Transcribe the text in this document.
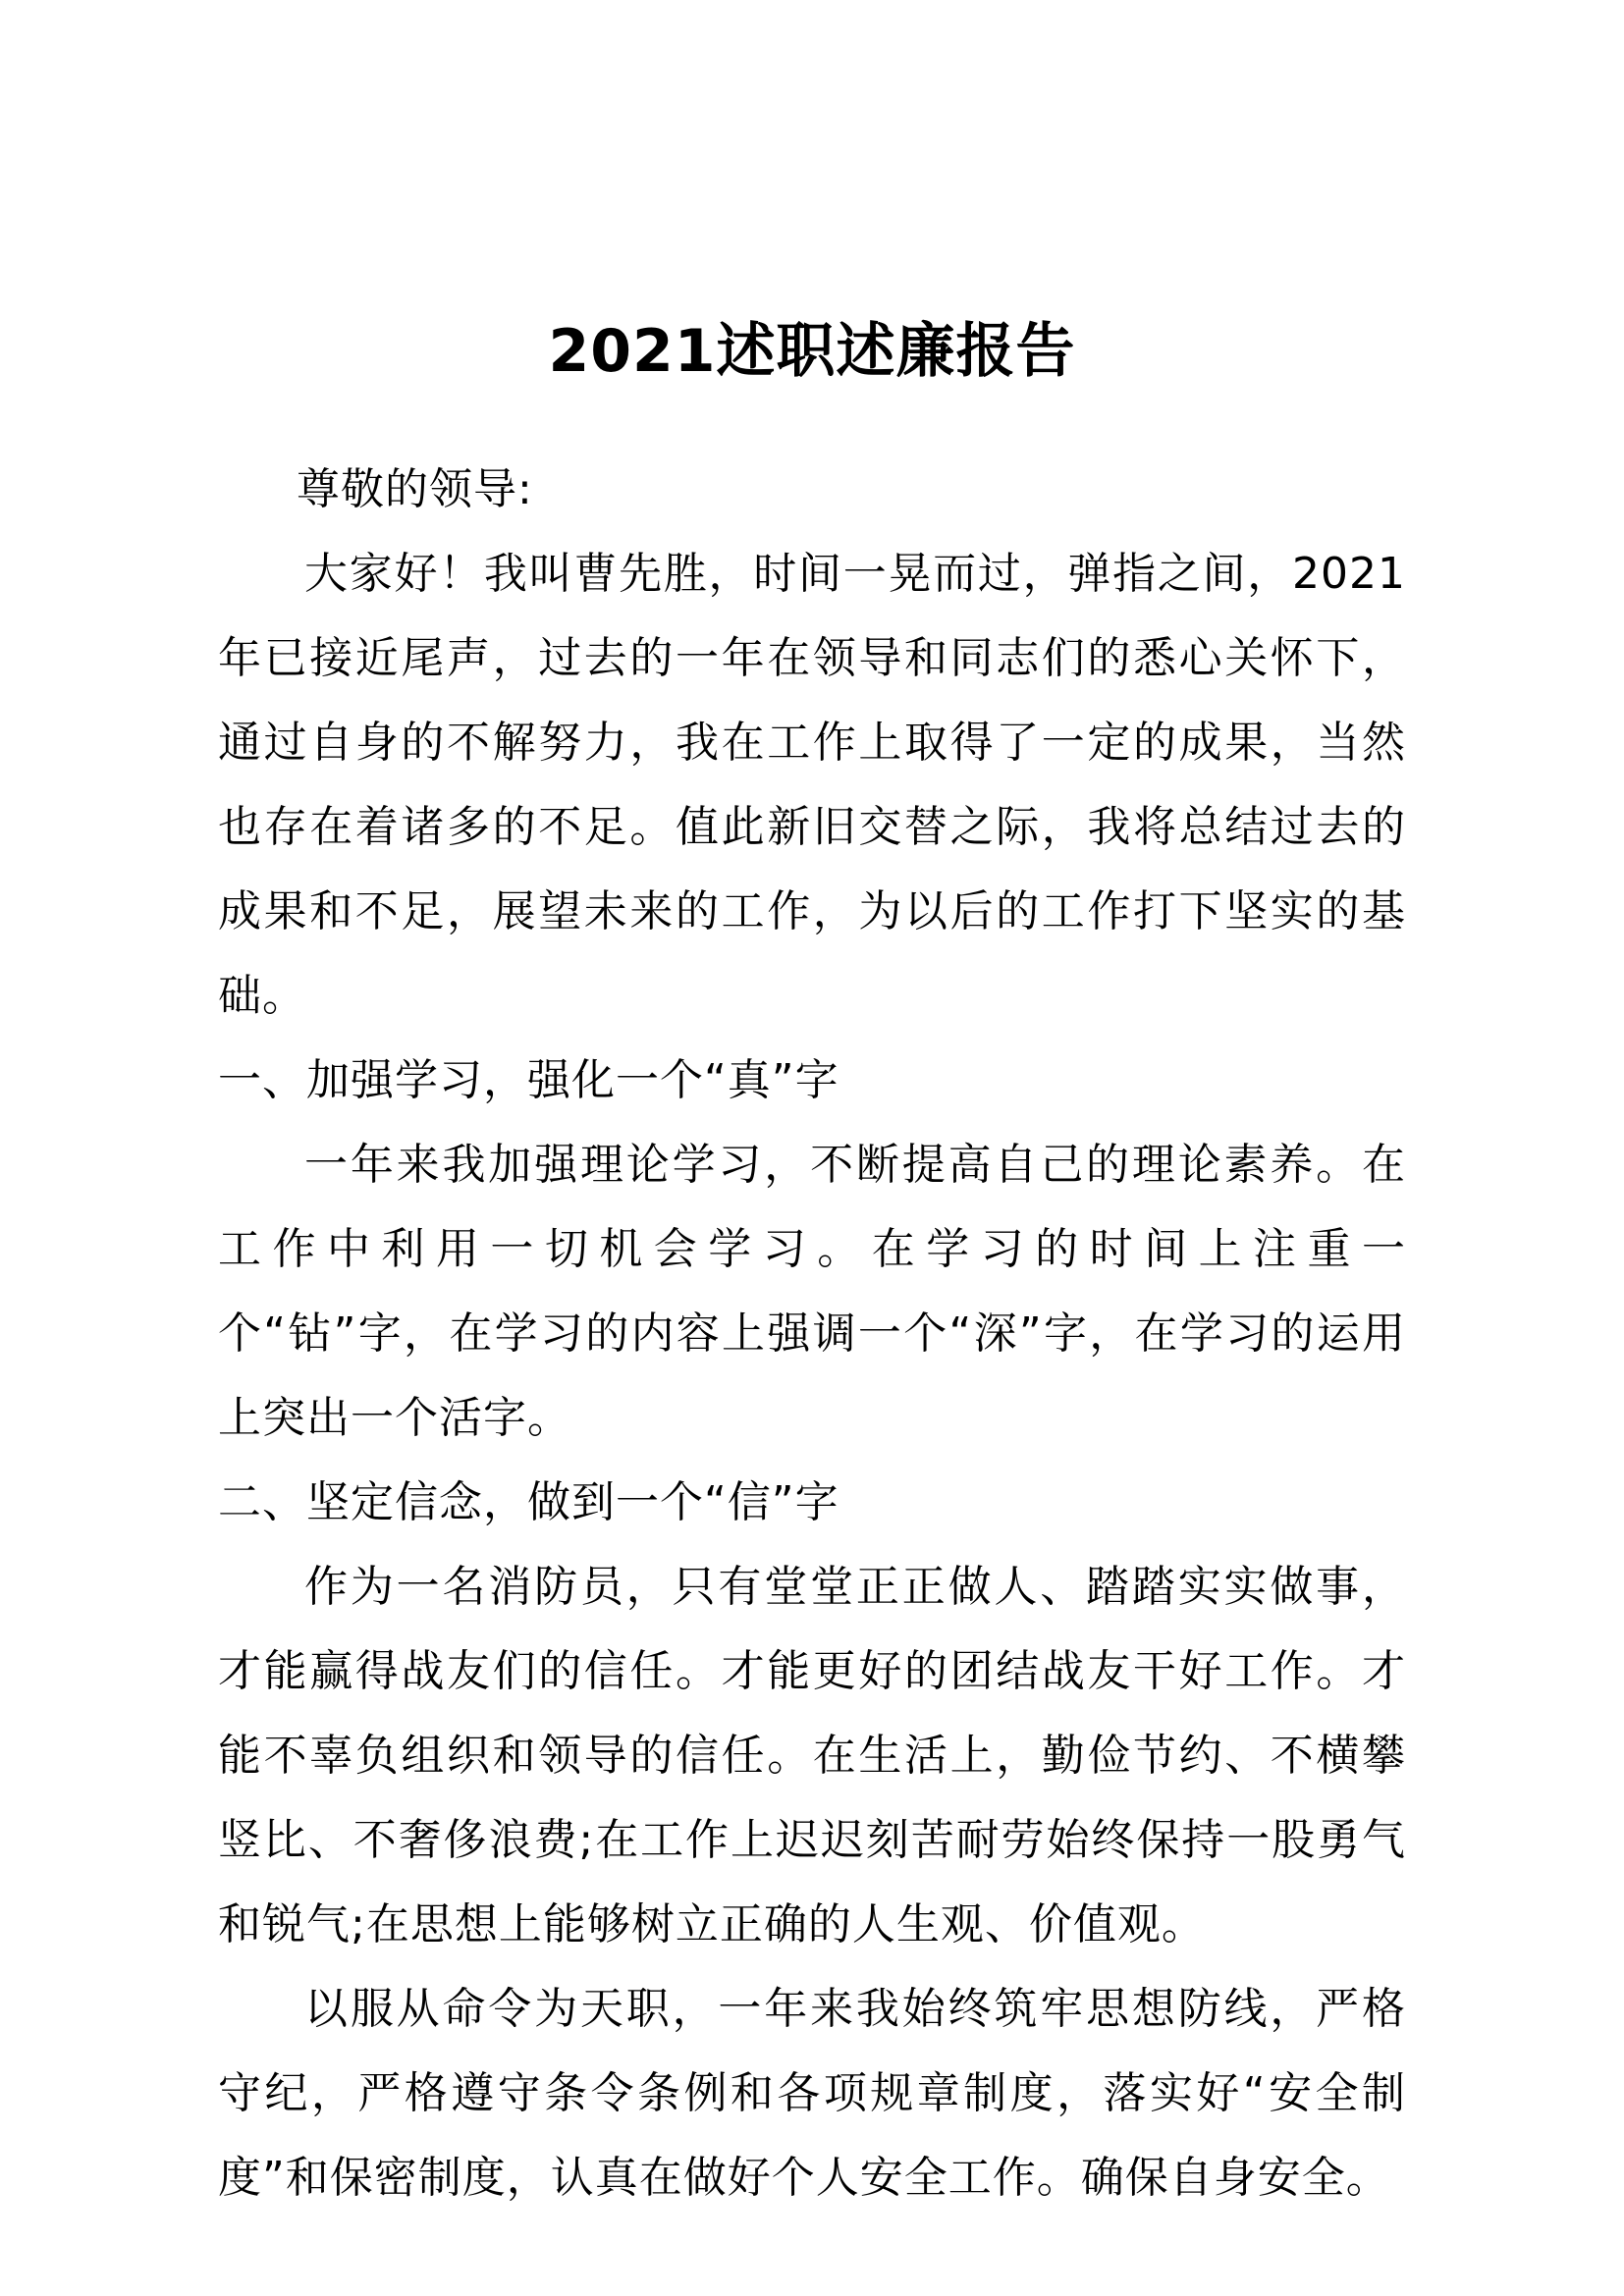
2021述职述廉报告

尊敬的领导:

大家好！我叫曹先胜，时间一晃而过，弹指之间，2021年已接近尾声，过去的一年在领导和同志们的悉心关怀下，通过自身的不解努力，我在工作上取得了一定的成果，当然也存在着诸多的不足。值此新旧交替之际，我将总结过去的成果和不足，展望未来的工作，为以后的工作打下坚实的基础。

一、加强学习，强化一个“真”字

一年来我加强理论学习，不断提高自己的理论素养。在工作中利用一切机会学习。在学习的时间上注重一个“钻”字，在学习的内容上强调一个“深”字，在学习的运用上突出一个活字。

二、坚定信念，做到一个“信”字

作为一名消防员，只有堂堂正正做人、踏踏实实做事，才能赢得战友们的信任。才能更好的团结战友干好工作。才能不辜负组织和领导的信任。在生活上，勤俭节约、不横攀竖比、不奢侈浪费;在工作上迟迟刻苦耐劳始终保持一股勇气和锐气;在思想上能够树立正确的人生观、价值观。

以服从命令为天职，一年来我始终筑牢思想防线，严格守纪，严格遵守条令条例和各项规章制度，落实好“安全制度”和保密制度，认真在做好个人安全工作。确保自身安全。
